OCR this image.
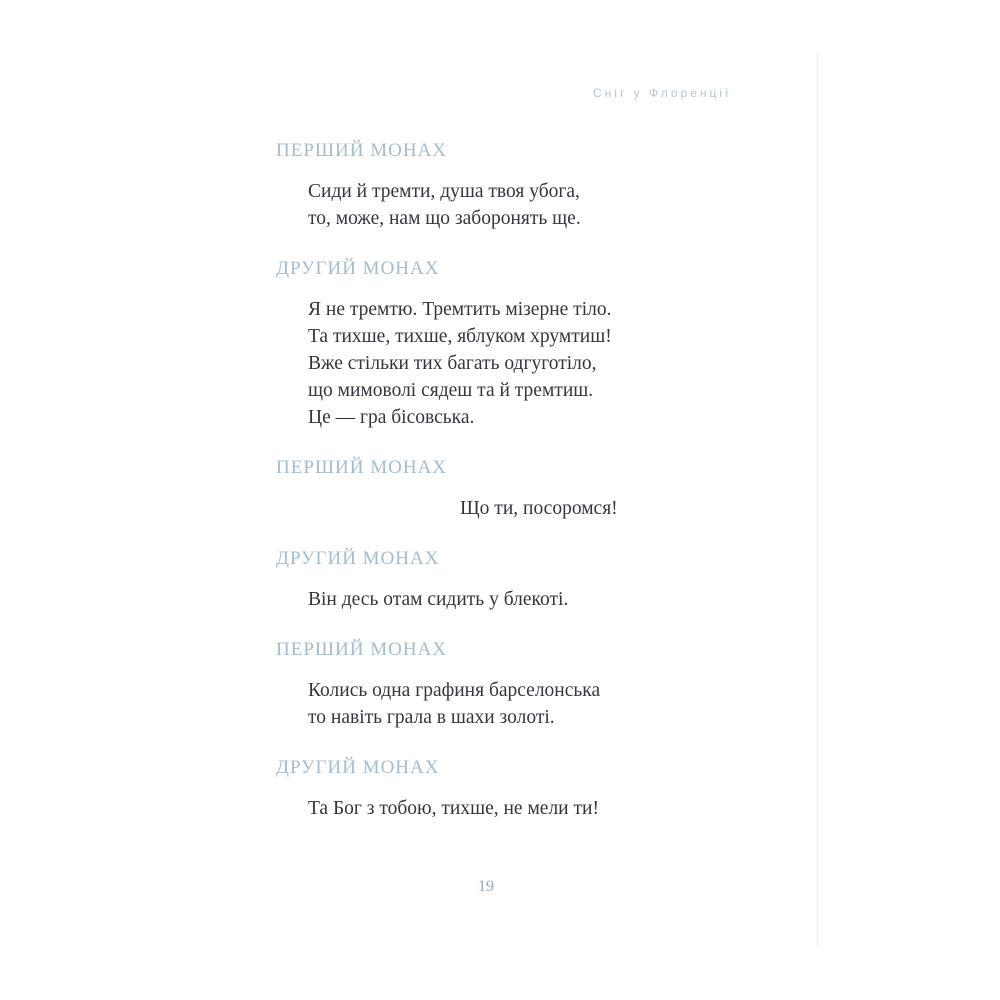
Сніг у Флоренції
ПЕРШИЙ МОНАХ

Сиди й тремти, душа твоя убога,

то, може, нам що заборонять ще.

ДРУГИЙ МОНАХ

Я не тремтю. Тремтить мізерне тіло.

Та тихше, тихше, яблуком хрумтиш!

Вже стільки тих багать одгуготіло,

що мимоволі сядеш та й тремтиш.

Це — гра бісовська.

ПЕРШИЙ МОНАХ

Що ти, посоромся!

ДРУГИЙ МОНАХ

Він десь отам сидить у блекоті.

ПЕРШИЙ МОНАХ

Колись одна графиня барселонська

то навіть грала в шахи золоті.

ДРУГИЙ МОНАХ

Та Бог з тобою, тихше, не мели ти!

19
